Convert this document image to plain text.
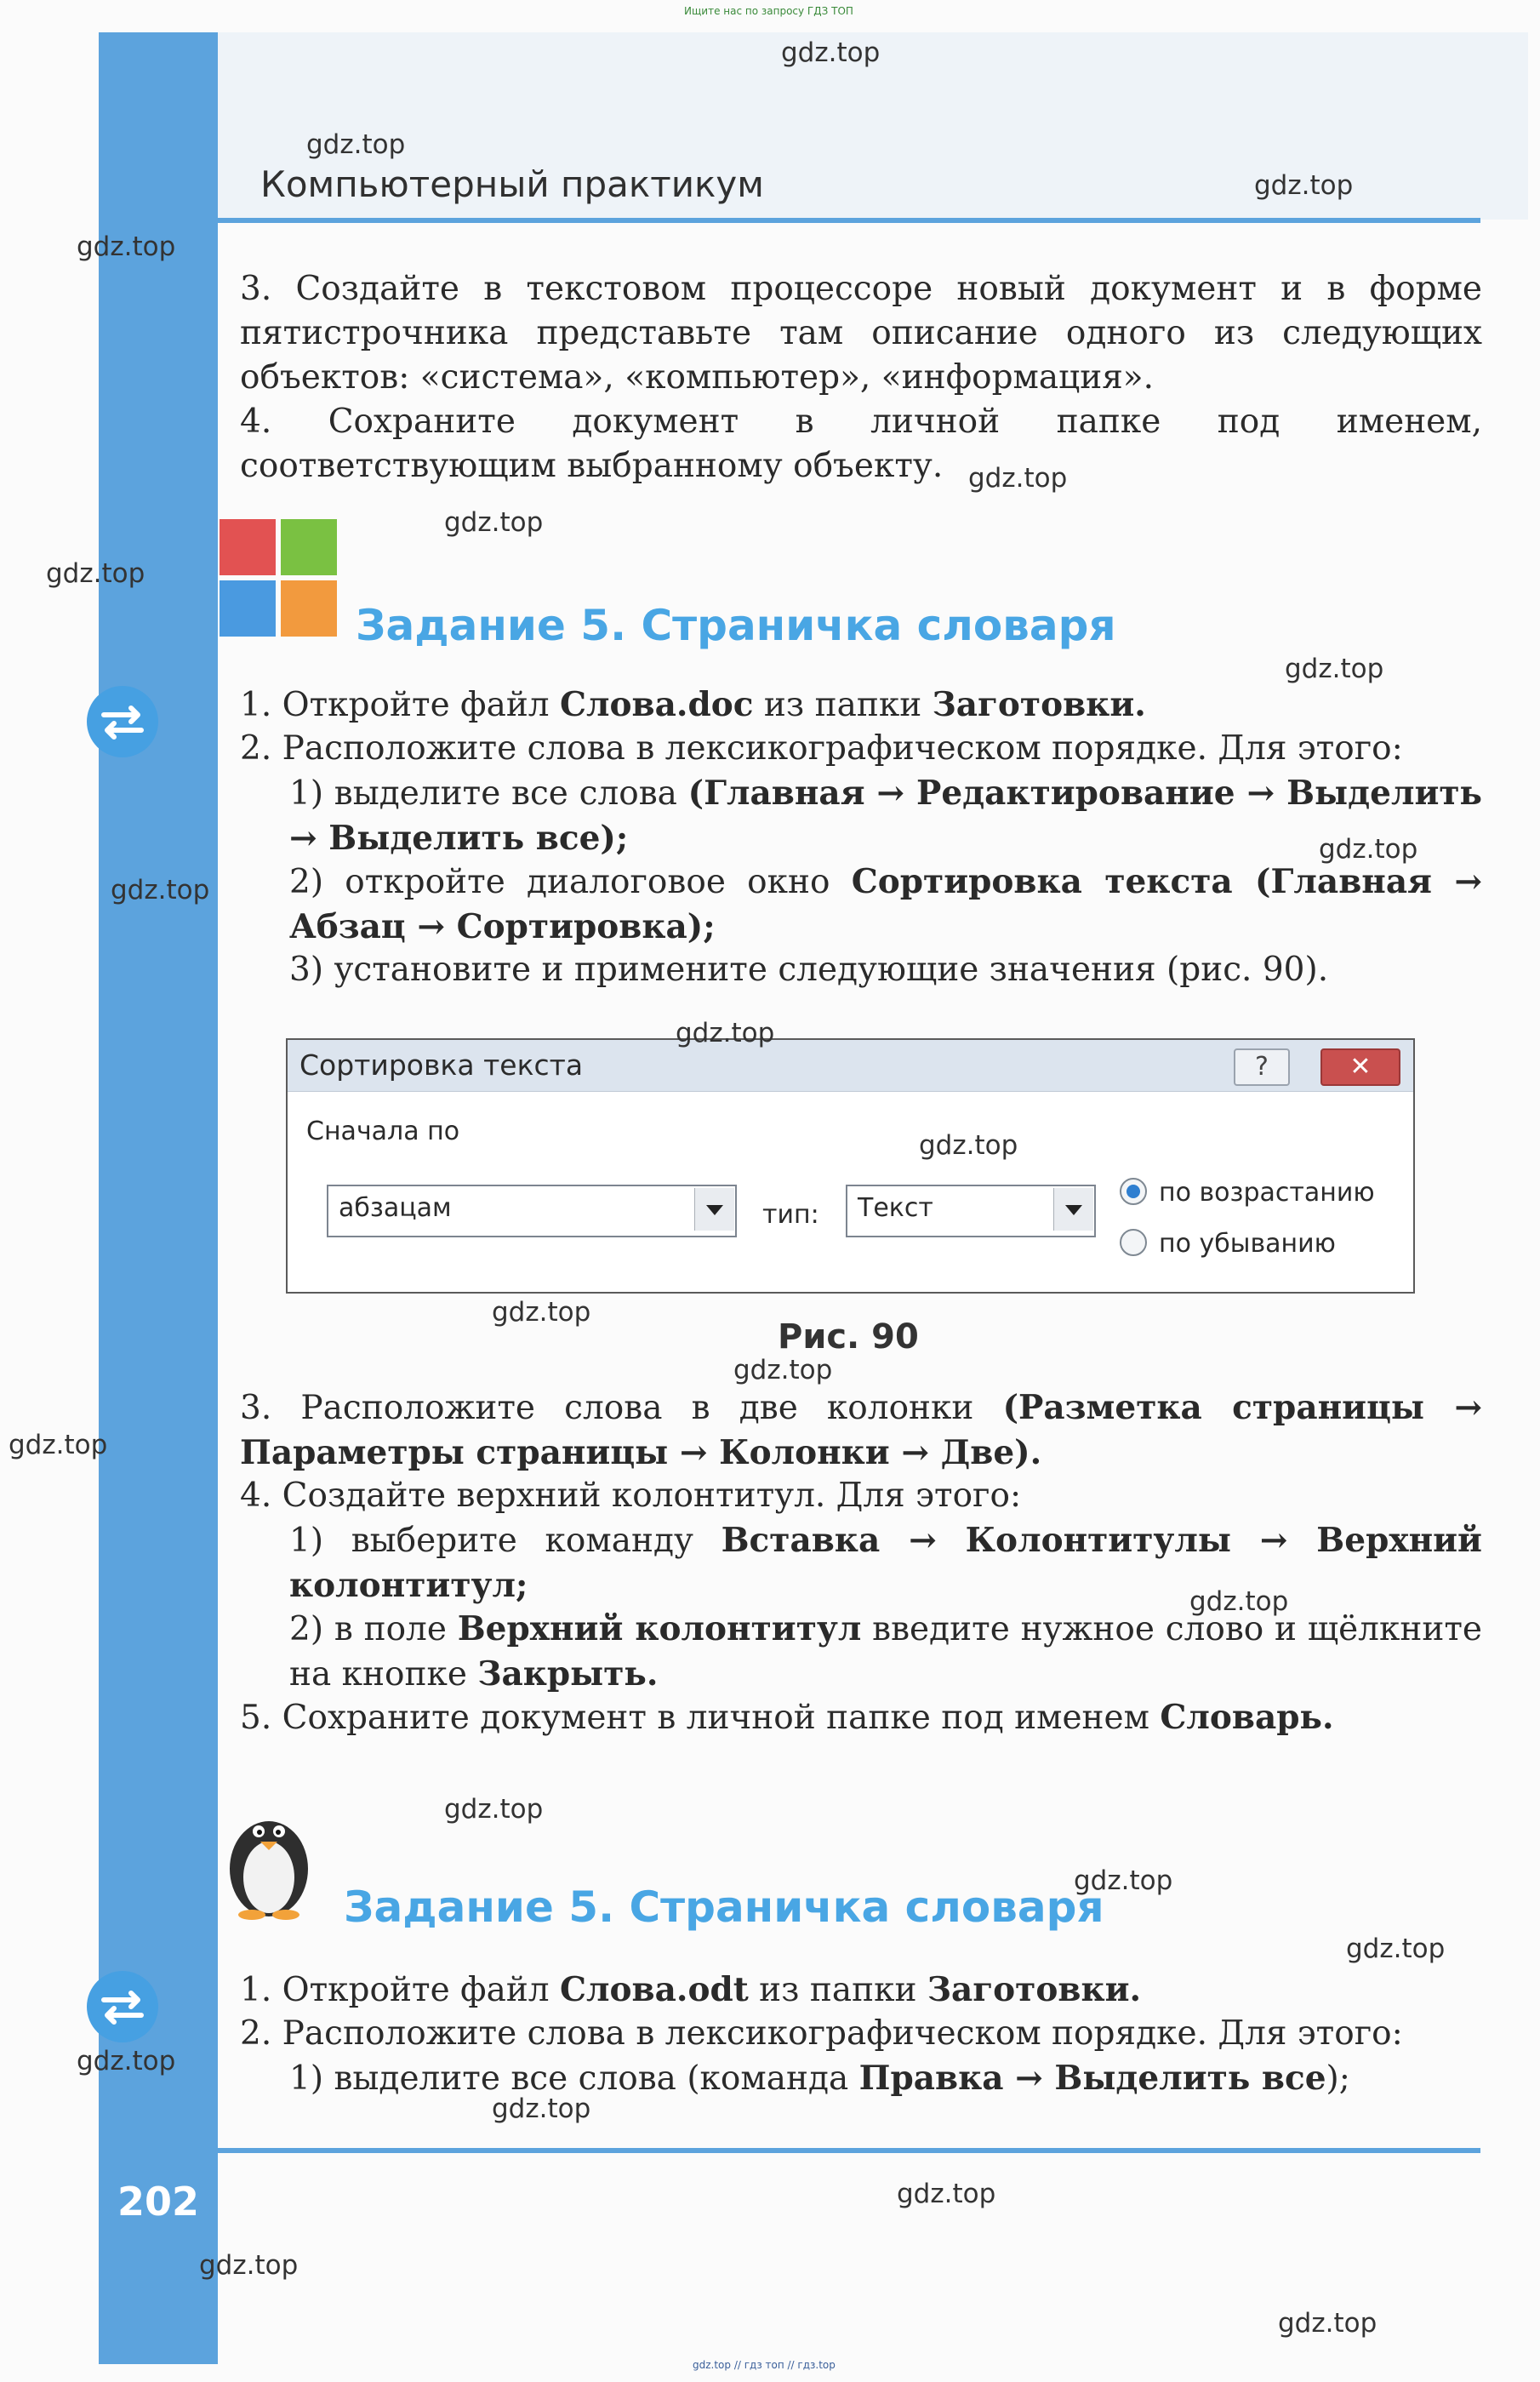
Ищите нас по запросу ГДЗ ТОП
Компьютерный практикум
3. Создайте в текстовом процессоре новый документ и в форме пятистрочника представьте там описание одного из следующих объектов: «система», «компьютер», «информация».
4. Сохраните документ в личной папке под именем, соответствующим выбранному объекту.
Задание 5. Страничка словаря
1. Откройте файл Слова.doc из папки Заготовки.
2. Расположите слова в лексикографическом порядке. Для этого:
1) выделите все слова (Главная → Редактирование → Выделить → Выделить все);
2) откройте диалоговое окно Сортировка текста (Главная → Абзац → Сортировка);
3) установите и примените следующие значения (рис. 90).
Сортировка текста	?	✕
Сначала по
абзацам	тип: Текст
по возрастанию
по убыванию
Рис. 90
3. Расположите слова в две колонки (Разметка страницы → Параметры страницы → Колонки → Две).
4. Создайте верхний колонтитул. Для этого:
1) выберите команду Вставка → Колонтитулы → Верхний колонтитул;
2) в поле Верхний колонтитул введите нужное слово и щёлкните на кнопке Закрыть.
5. Сохраните документ в личной папке под именем Словарь.
Задание 5. Страничка словаря
1. Откройте файл Слова.odt из папки Заготовки.
2. Расположите слова в лексикографическом порядке. Для этого:
1) выделите все слова (команда Правка → Выделить все);
202
gdz.top // гдз топ // гдз.top
gdz.top
gdz.top
gdz.top
gdz.top
gdz.top
gdz.top
gdz.top
gdz.top
gdz.top
gdz.top
gdz.top
gdz.top
gdz.top
gdz.top
gdz.top
gdz.top
gdz.top
gdz.top
gdz.top
gdz.top
gdz.top
gdz.top
gdz.top
gdz.top
